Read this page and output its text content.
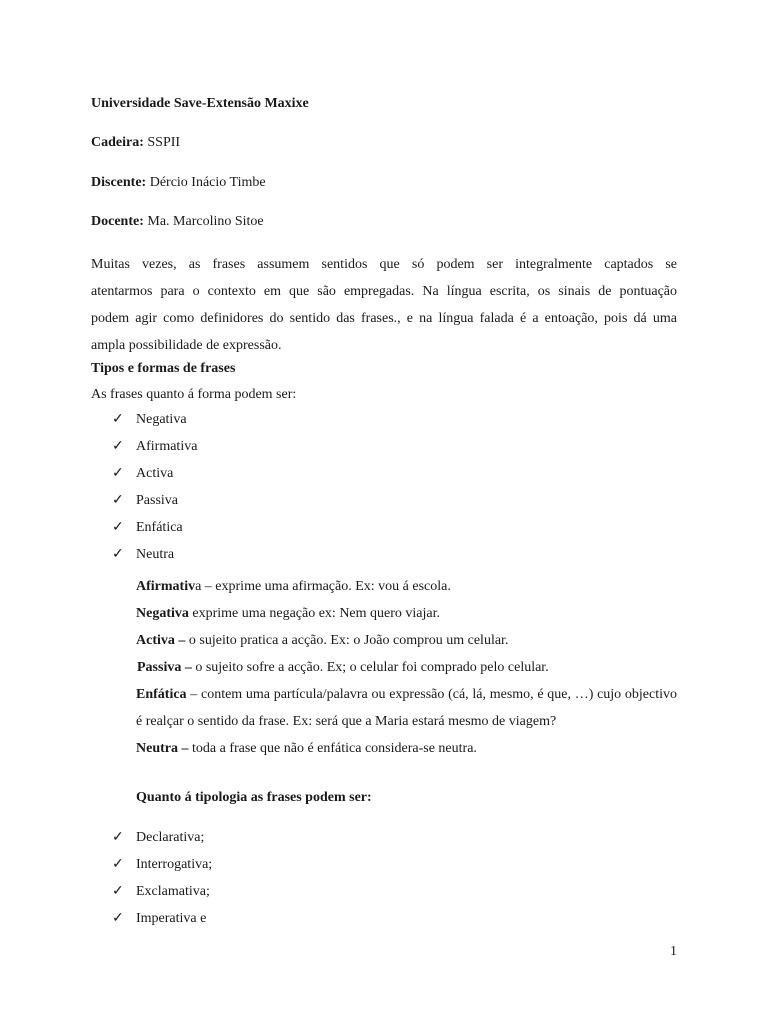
Universidade Save-Extensão Maxixe
Cadeira: SSPII
Discente: Dércio Inácio Timbe
Docente: Ma. Marcolino Sitoe
Muitas vezes, as frases assumem sentidos que só podem ser integralmente captados se
atentarmos para o contexto em que são empregadas. Na língua escrita, os sinais de pontuação
podem agir como definidores do sentido das frases., e na língua falada é a entoação, pois dá uma
ampla possibilidade de expressão.
Tipos e formas de frases
As frases quanto á forma podem ser:
✓ Negativa
✓ Afirmativa
✓ Activa
✓ Passiva
✓ Enfática
✓ Neutra
Afirmativa – exprime uma afirmação. Ex: vou á escola.
Negativa exprime uma negação ex: Nem quero viajar.
Activa – o sujeito pratica a acção. Ex: o João comprou um celular.
Passiva – o sujeito sofre a acção. Ex; o celular foi comprado pelo celular.
Enfática – contem uma partícula/palavra ou expressão (cá, lá, mesmo, é que, …) cujo objectivo é realçar o sentido da frase. Ex: será que a Maria estará mesmo de viagem?
Neutra – toda a frase que não é enfática considera-se neutra.
Quanto á tipologia as frases podem ser:
✓ Declarativa;
✓ Interrogativa;
✓ Exclamativa;
✓ Imperativa e
1
